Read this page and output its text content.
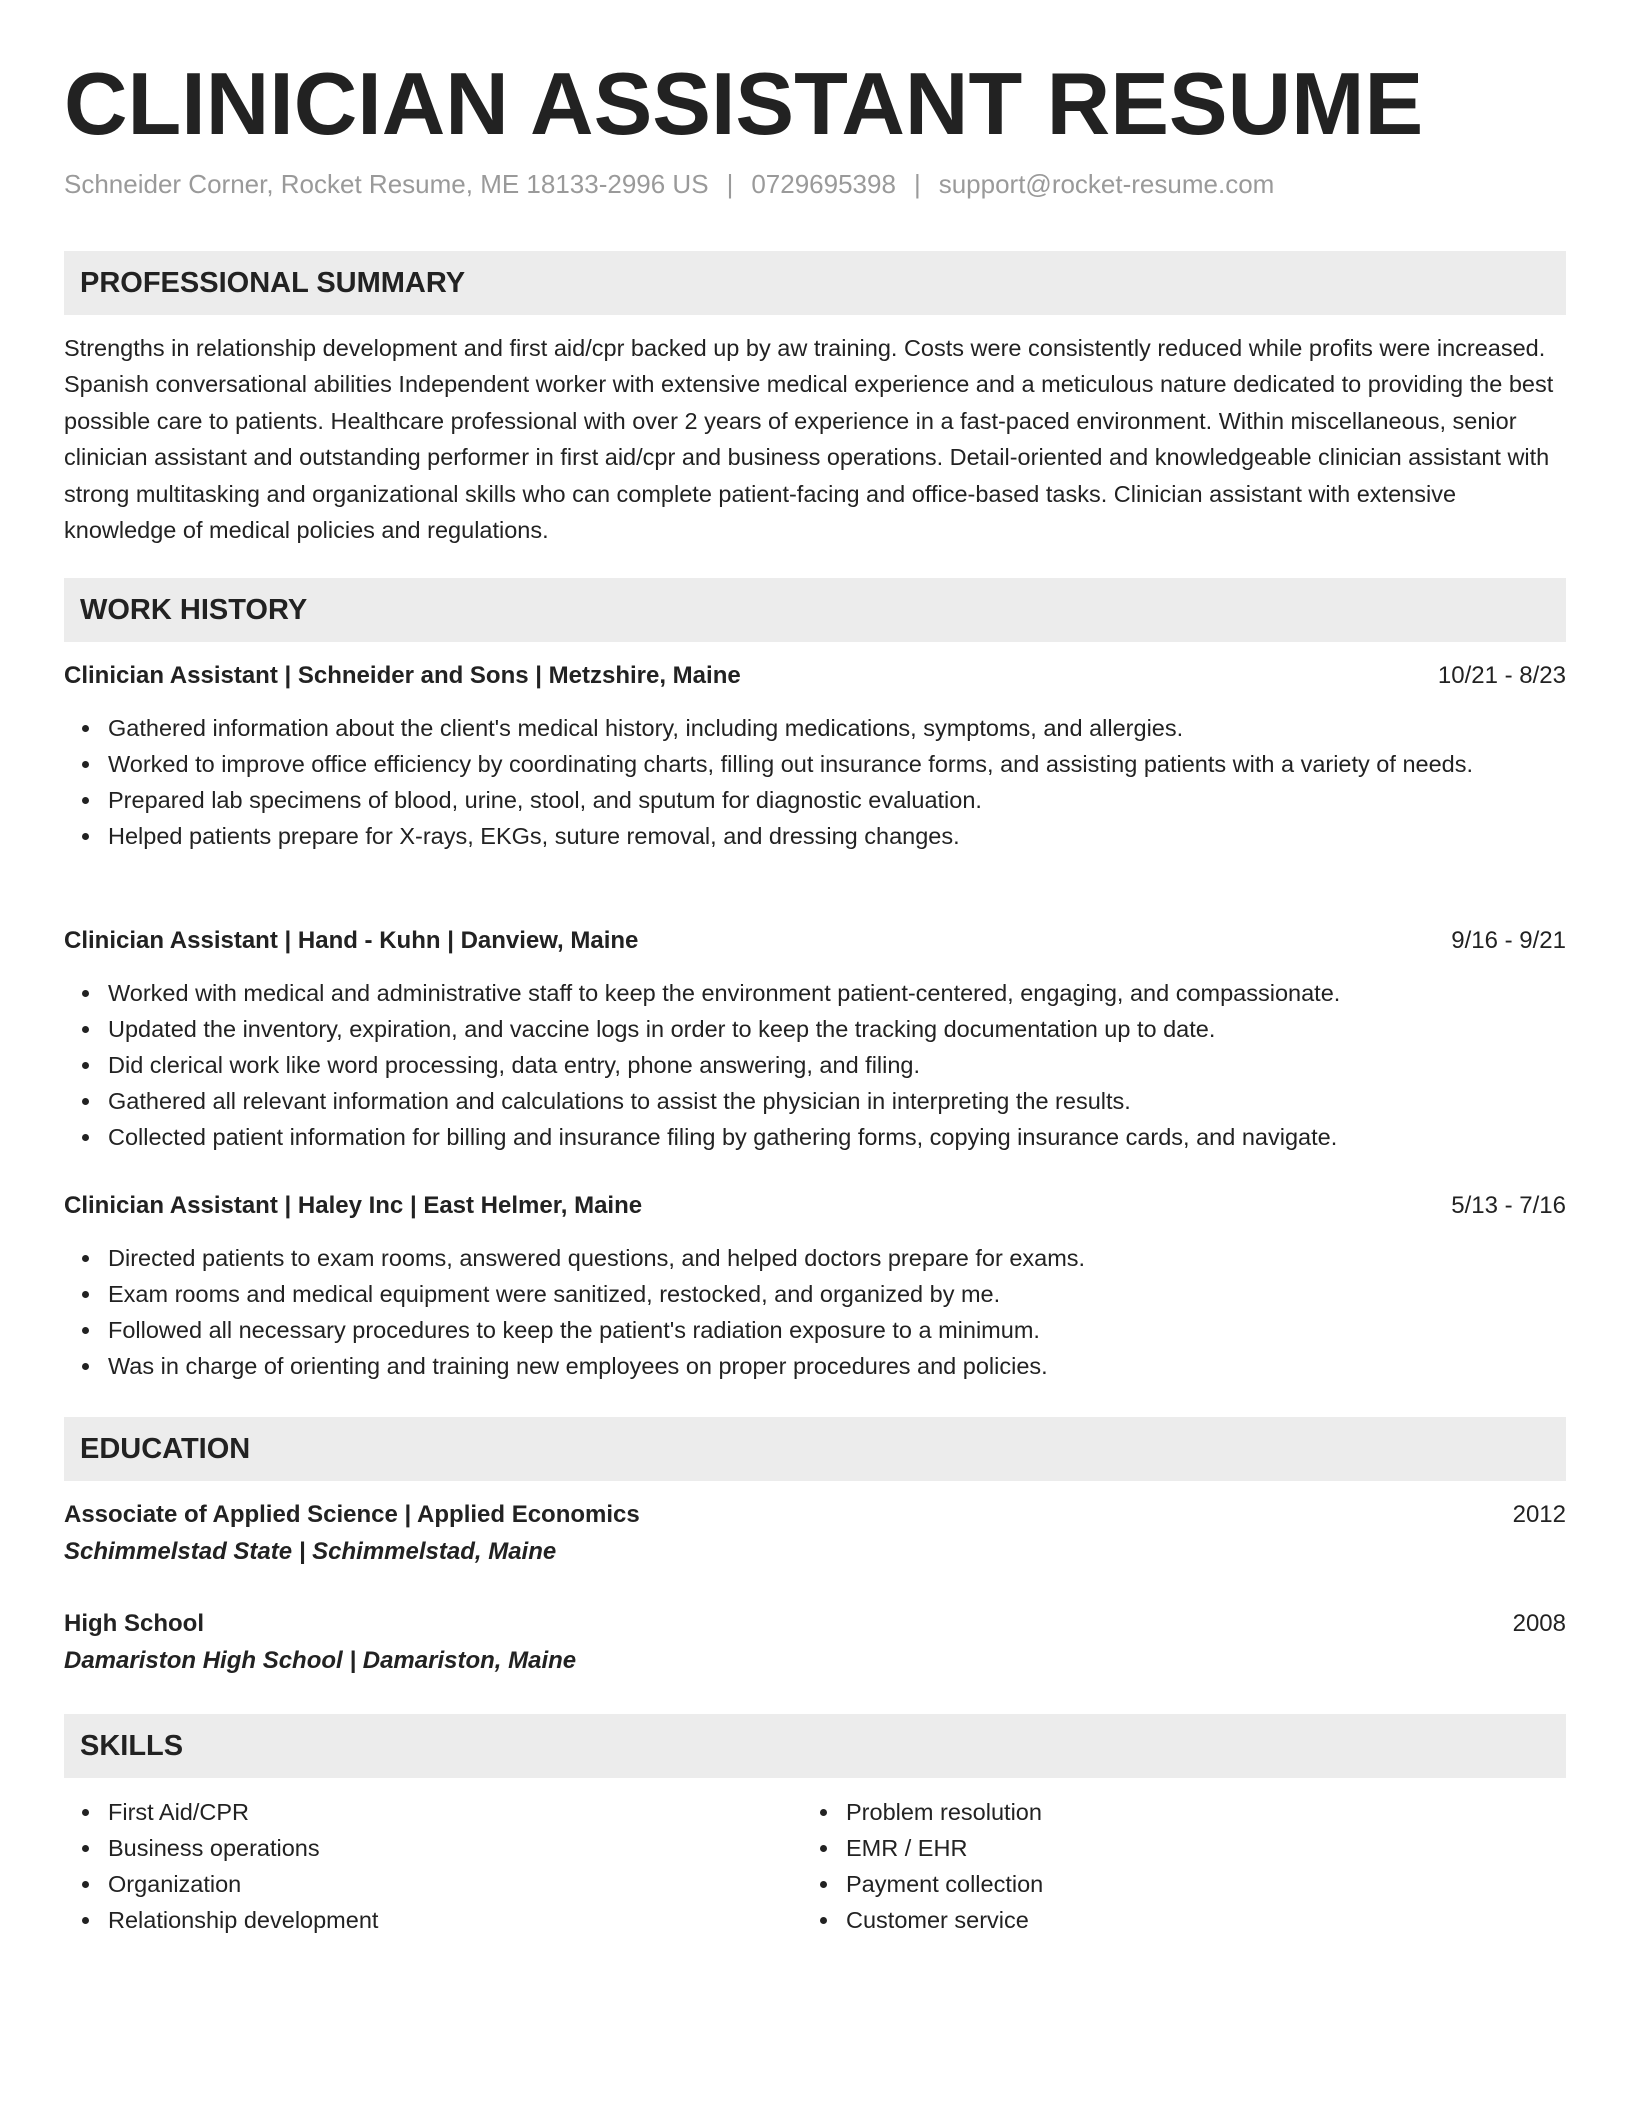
CLINICIAN ASSISTANT RESUME
Schneider Corner, Rocket Resume, ME 18133-2996 US | 0729695398 | support@rocket-resume.com
PROFESSIONAL SUMMARY
Strengths in relationship development and first aid/cpr backed up by aw training. Costs were consistently reduced while profits were increased. Spanish conversational abilities Independent worker with extensive medical experience and a meticulous nature dedicated to providing the best possible care to patients. Healthcare professional with over 2 years of experience in a fast-paced environment. Within miscellaneous, senior clinician assistant and outstanding performer in first aid/cpr and business operations. Detail-oriented and knowledgeable clinician assistant with strong multitasking and organizational skills who can complete patient-facing and office-based tasks. Clinician assistant with extensive knowledge of medical policies and regulations.
WORK HISTORY
Clinician Assistant | Schneider and Sons | Metzshire, Maine	10/21 - 8/23
Gathered information about the client's medical history, including medications, symptoms, and allergies.
Worked to improve office efficiency by coordinating charts, filling out insurance forms, and assisting patients with a variety of needs.
Prepared lab specimens of blood, urine, stool, and sputum for diagnostic evaluation.
Helped patients prepare for X-rays, EKGs, suture removal, and dressing changes.
Clinician Assistant | Hand - Kuhn | Danview, Maine	9/16 - 9/21
Worked with medical and administrative staff to keep the environment patient-centered, engaging, and compassionate.
Updated the inventory, expiration, and vaccine logs in order to keep the tracking documentation up to date.
Did clerical work like word processing, data entry, phone answering, and filing.
Gathered all relevant information and calculations to assist the physician in interpreting the results.
Collected patient information for billing and insurance filing by gathering forms, copying insurance cards, and navigate.
Clinician Assistant | Haley Inc | East Helmer, Maine	5/13 - 7/16
Directed patients to exam rooms, answered questions, and helped doctors prepare for exams.
Exam rooms and medical equipment were sanitized, restocked, and organized by me.
Followed all necessary procedures to keep the patient's radiation exposure to a minimum.
Was in charge of orienting and training new employees on proper procedures and policies.
EDUCATION
Associate of Applied Science | Applied Economics	2012
Schimmelstad State | Schimmelstad, Maine
High School	2008
Damariston High School | Damariston, Maine
SKILLS
First Aid/CPR
Business operations
Organization
Relationship development
Problem resolution
EMR / EHR
Payment collection
Customer service
